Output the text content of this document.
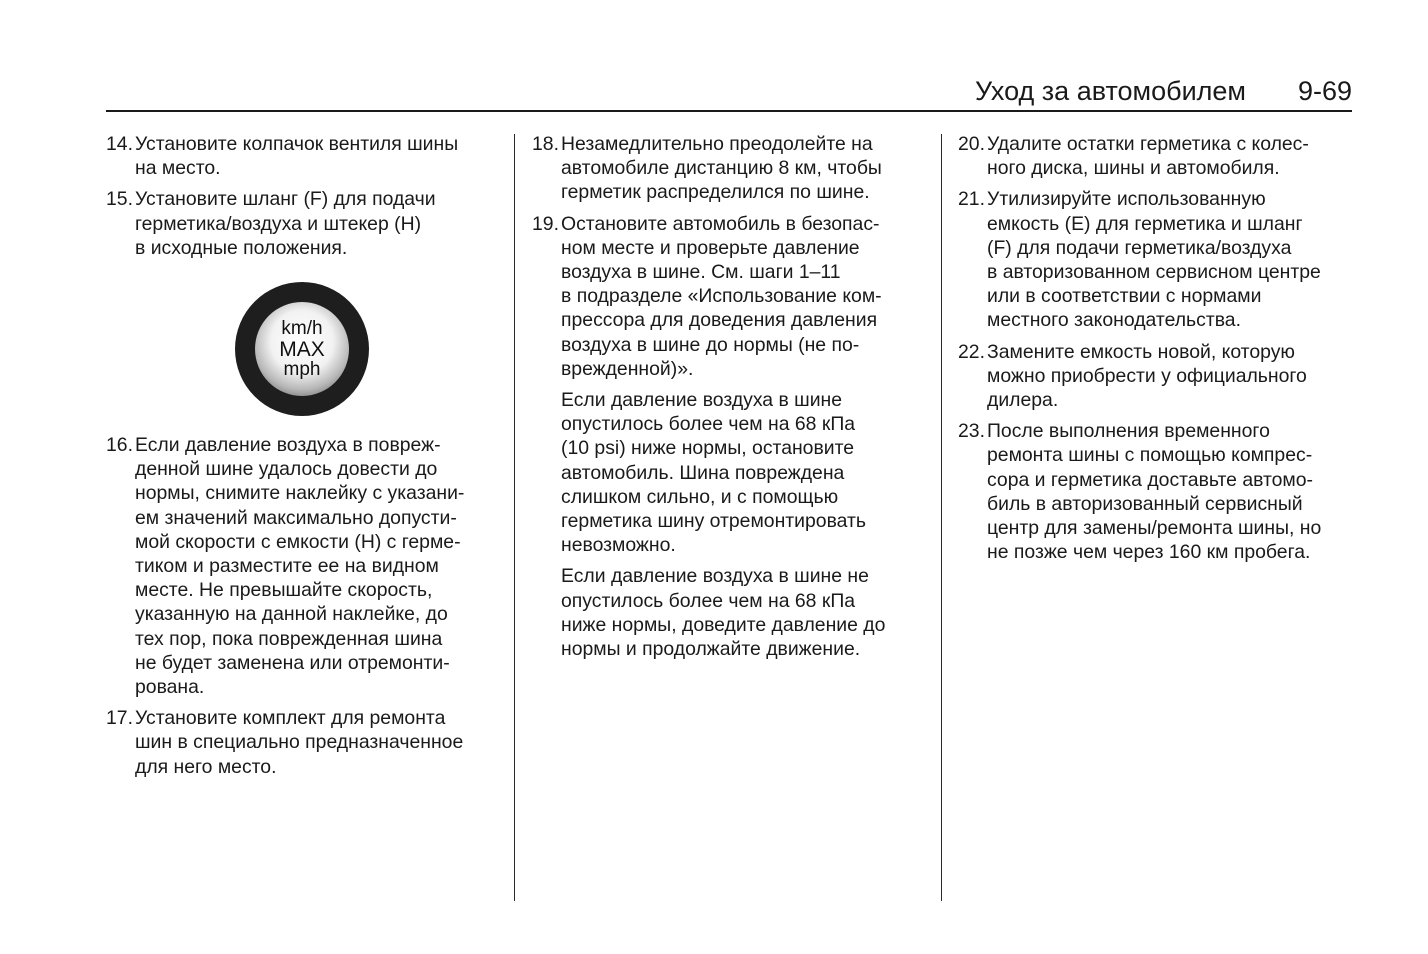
Уход за автомобилем 9-69
14. Установите колпачок вентиля шины
на место.
15. Установите шланг (F) для подачи
герметика/воздуха и штекер (H)
в исходные положения.
km/h
MAX
mph
16. Если давление воздуха в повреж-
денной шине удалось довести до
нормы, снимите наклейку с указани-
ем значений максимально допусти-
мой скорости с емкости (H) с герме-
тиком и разместите ее на видном
месте. Не превышайте скорость,
указанную на данной наклейке, до
тех пор, пока поврежденная шина
не будет заменена или отремонти-
рована.
17. Установите комплект для ремонта
шин в специально предназначенное
для него место.
18. Незамедлительно преодолейте на
автомобиле дистанцию 8 км, чтобы
герметик распределился по шине.
19. Остановите автомобиль в безопас-
ном месте и проверьте давление
воздуха в шине. См. шаги 1–11
в подразделе «Использование ком-
прессора для доведения давления
воздуха в шине до нормы (не по-
врежденной)».
Если давление воздуха в шине
опустилось более чем на 68 кПа
(10 psi) ниже нормы, остановите
автомобиль. Шина повреждена
слишком сильно, и с помощью
герметика шину отремонтировать
невозможно.
Если давление воздуха в шине не
опустилось более чем на 68 кПа
ниже нормы, доведите давление до
нормы и продолжайте движение.
20. Удалите остатки герметика с колес-
ного диска, шины и автомобиля.
21. Утилизируйте использованную
емкость (E) для герметика и шланг
(F) для подачи герметика/воздуха
в авторизованном сервисном центре
или в соответствии с нормами
местного законодательства.
22. Замените емкость новой, которую
можно приобрести у официального
дилера.
23. После выполнения временного
ремонта шины с помощью компрес-
сора и герметика доставьте автомо-
биль в авторизованный сервисный
центр для замены/ремонта шины, но
не позже чем через 160 км пробега.
